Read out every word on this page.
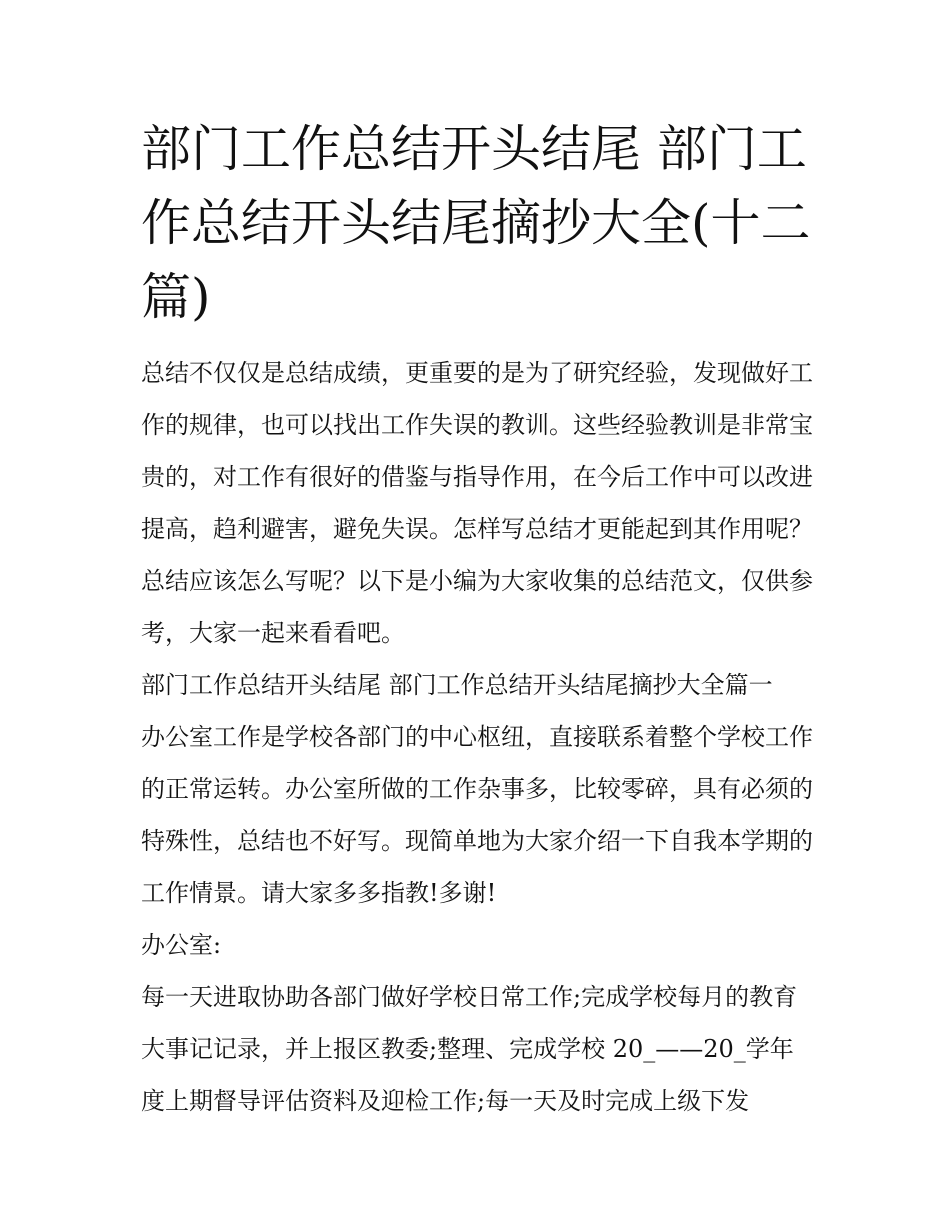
部门工作总结开头结尾 部门工作总结开头结尾摘抄大全(十二篇)

总结不仅仅是总结成绩，更重要的是为了研究经验，发现做好工作的规律，也可以找出工作失误的教训。这些经验教训是非常宝贵的，对工作有很好的借鉴与指导作用，在今后工作中可以改进提高，趋利避害，避免失误。怎样写总结才更能起到其作用呢？总结应该怎么写呢？以下是小编为大家收集的总结范文，仅供参考，大家一起来看看吧。

部门工作总结开头结尾 部门工作总结开头结尾摘抄大全篇一

办公室工作是学校各部门的中心枢纽，直接联系着整个学校工作的正常运转。办公室所做的工作杂事多，比较零碎，具有必须的特殊性，总结也不好写。现简单地为大家介绍一下自我本学期的工作情景。请大家多多指教!多谢!

办公室:

每一天进取协助各部门做好学校日常工作;完成学校每月的教育大事记记录，并上报区教委;整理、完成学校 20_——20_学年度上期督导评估资料及迎检工作;每一天及时完成上级下发
